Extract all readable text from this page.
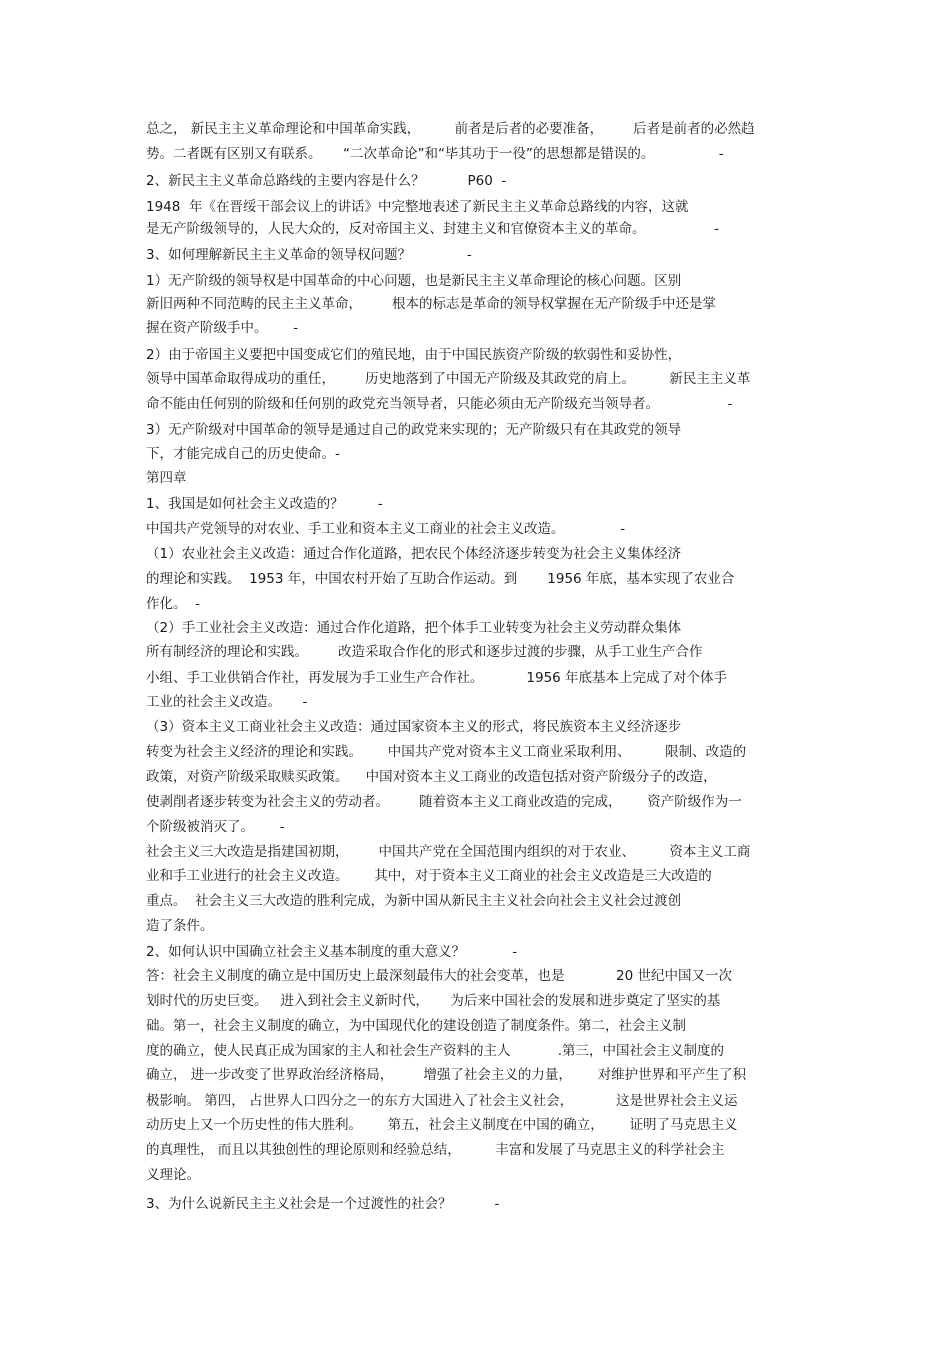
总之， 新民主主义革命理论和中国革命实践，        前者是后者的必要准备，       后者是前者的必然趋
势。二者既有区别又有联系。     “二次革命论”和“毕其功于一役”的思想都是错误的。               -
2、新民主主义革命总路线的主要内容是什么？          P60  -
1948  年《在晋绥干部会议上的讲话》中完整地表述了新民主主义革命总路线的内容，这就
是无产阶级领导的，人民大众的，反对帝国主义、封建主义和官僚资本主义的革命。                -
3、如何理解新民主主义革命的领导权问题？             -
1）无产阶级的领导权是中国革命的中心问题，也是新民主主义革命理论的核心问题。区别
新旧两种不同范畴的民主主义革命，       根本的标志是革命的领导权掌握在无产阶级手中还是掌
握在资产阶级手中。      -
2）由于帝国主义要把中国变成它们的殖民地，由于中国民族资产阶级的软弱性和妥协性，
领导中国革命取得成功的重任，       历史地落到了中国无产阶级及其政党的肩上。        新民主主义革
命不能由任何别的阶级和任何别的政党充当领导者，只能必须由无产阶级充当领导者。                -
3）无产阶级对中国革命的领导是通过自己的政党来实现的；无产阶级只有在其政党的领导
下，才能完成自己的历史使命。-
第四章
1、我国是如何社会主义改造的？        -
中国共产党领导的对农业、手工业和资本主义工商业的社会主义改造。             -
（1）农业社会主义改造：通过合作化道路，把农民个体经济逐步转变为社会主义集体经济
的理论和实践。  1953 年，中国农村开始了互助合作运动。到       1956 年底，基本实现了农业合
作化。  -
（2）手工业社会主义改造：通过合作化道路，把个体手工业转变为社会主义劳动群众集体
所有制经济的理论和实践。       改造采取合作化的形式和逐步过渡的步骤，从手工业生产合作
小组、手工业供销合作社，再发展为手工业生产合作社。          1956 年底基本上完成了对个体手
工业的社会主义改造。     -
（3）资本主义工商业社会主义改造：通过国家资本主义的形式，将民族资本主义经济逐步
转变为社会主义经济的理论和实践。      中国共产党对资本主义工商业采取利用、        限制、改造的
政策，对资产阶级采取赎买政策。    中国对资本主义工商业的改造包括对资产阶级分子的改造，
使剥削者逐步转变为社会主义的劳动者。       随着资本主义工商业改造的完成，      资产阶级作为一
个阶级被消灭了。      -
社会主义三大改造是指建国初期，       中国共产党在全国范围内组织的对于农业、        资本主义工商
业和手工业进行的社会主义改造。      其中，对于资本主义工商业的社会主义改造是三大改造的
重点。  社会主义三大改造的胜利完成，为新中国从新民主主义社会向社会主义社会过渡创
造了条件。
2、如何认识中国确立社会主义基本制度的重大意义？           -
答：社会主义制度的确立是中国历史上最深刻最伟大的社会变革，也是            20 世纪中国又一次
划时代的历史巨变。   进入到社会主义新时代，     为后来中国社会的发展和进步奠定了坚实的基
础。第一，社会主义制度的确立，为中国现代化的建设创造了制度条件。第二，社会主义制
度的确立，使人民真正成为国家的主人和社会生产资料的主人           .第三，中国社会主义制度的
确立， 进一步改变了世界政治经济格局，       增强了社会主义的力量，      对维护世界和平产生了积
极影响。 第四， 占世界人口四分之一的东方大国进入了社会主义社会，          这是世界社会主义运
动历史上又一个历史性的伟大胜利。      第五，社会主义制度在中国的确立，      证明了马克思主义
的真理性， 而且以其独创性的理论原则和经验总结，        丰富和发展了马克思主义的科学社会主
义理论。
3、为什么说新民主主义社会是一个过渡性的社会？          -
